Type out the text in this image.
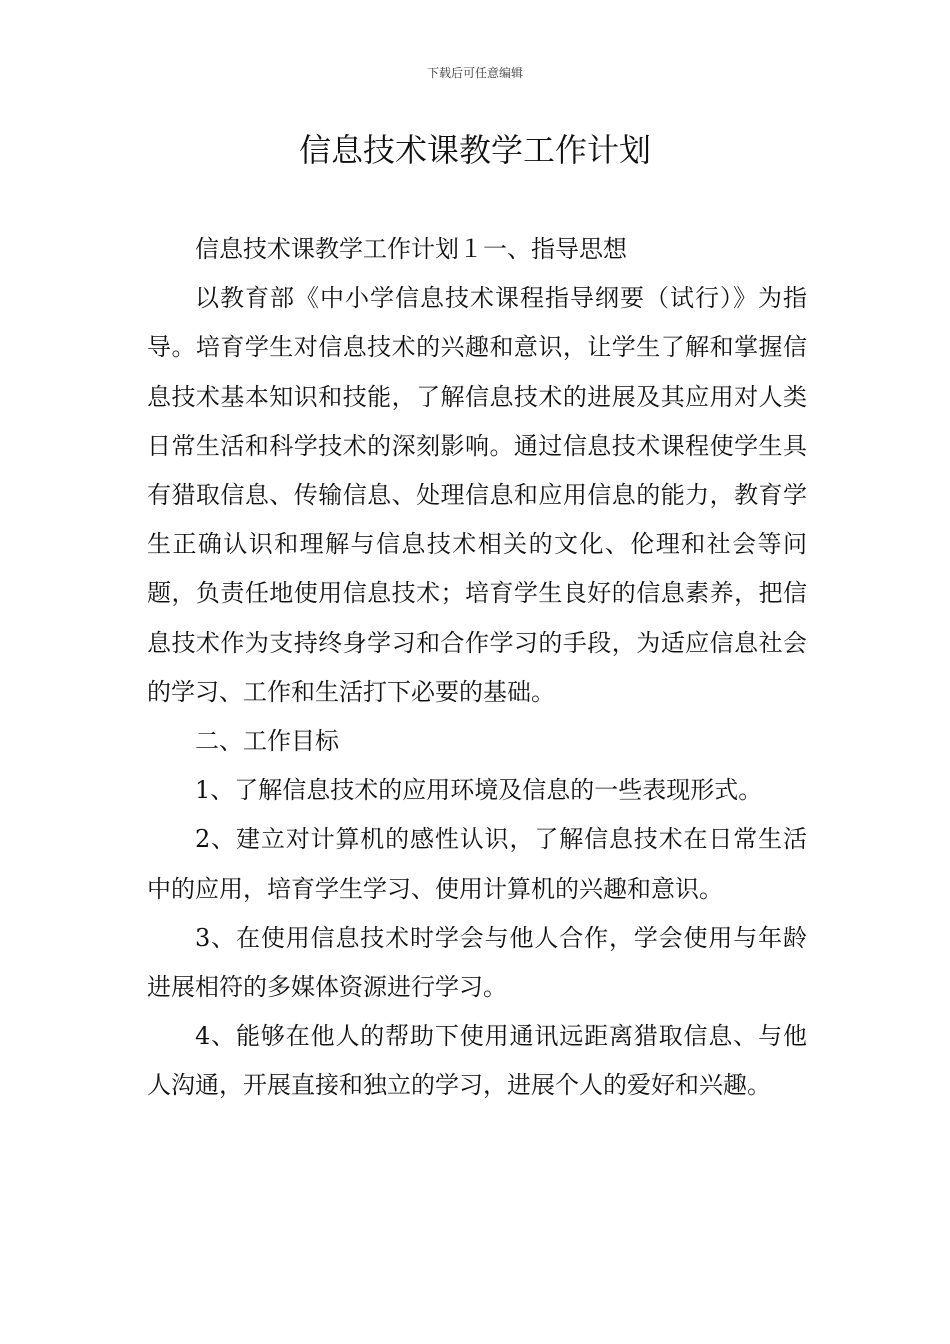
下载后可任意编辑
信息技术课教学工作计划

信息技术课教学工作计划１一、指导思想

以教育部《中小学信息技术课程指导纲要（试行）》为指导。培育学生对信息技术的兴趣和意识，让学生了解和掌握信息技术基本知识和技能，了解信息技术的进展及其应用对人类日常生活和科学技术的深刻影响。通过信息技术课程使学生具有猎取信息、传输信息、处理信息和应用信息的能力，教育学生正确认识和理解与信息技术相关的文化、伦理和社会等问题，负责任地使用信息技术；培育学生良好的信息素养，把信息技术作为支持终身学习和合作学习的手段，为适应信息社会的学习、工作和生活打下必要的基础。

二、工作目标

1、了解信息技术的应用环境及信息的一些表现形式。

2、建立对计算机的感性认识，了解信息技术在日常生活中的应用，培育学生学习、使用计算机的兴趣和意识。

3、在使用信息技术时学会与他人合作，学会使用与年龄进展相符的多媒体资源进行学习。

4、能够在他人的帮助下使用通讯远距离猎取信息、与他人沟通，开展直接和独立的学习，进展个人的爱好和兴趣。
